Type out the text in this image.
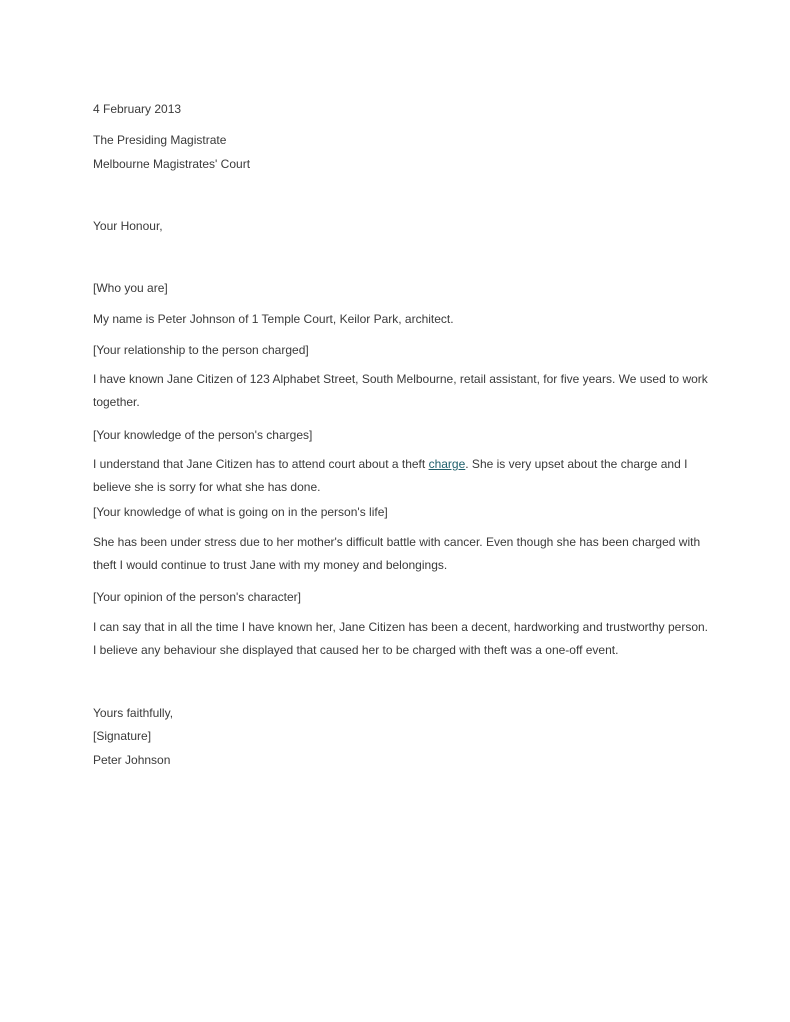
4 February 2013
The Presiding Magistrate
Melbourne Magistrates' Court
Your Honour,
[Who you are]
My name is Peter Johnson of 1 Temple Court, Keilor Park, architect.
[Your relationship to the person charged]
I have known Jane Citizen of 123 Alphabet Street, South Melbourne, retail assistant, for five years. We used to work together.
[Your knowledge of the person's charges]
I understand that Jane Citizen has to attend court about a theft charge. She is very upset about the charge and I believe she is sorry for what she has done.
[Your knowledge of what is going on in the person's life]
She has been under stress due to her mother's difficult battle with cancer. Even though she has been charged with theft I would continue to trust Jane with my money and belongings.
[Your opinion of the person's character]
I can say that in all the time I have known her, Jane Citizen has been a decent, hardworking and trustworthy person. I believe any behaviour she displayed that caused her to be charged with theft was a one-off event.
Yours faithfully,
[Signature]
Peter Johnson
